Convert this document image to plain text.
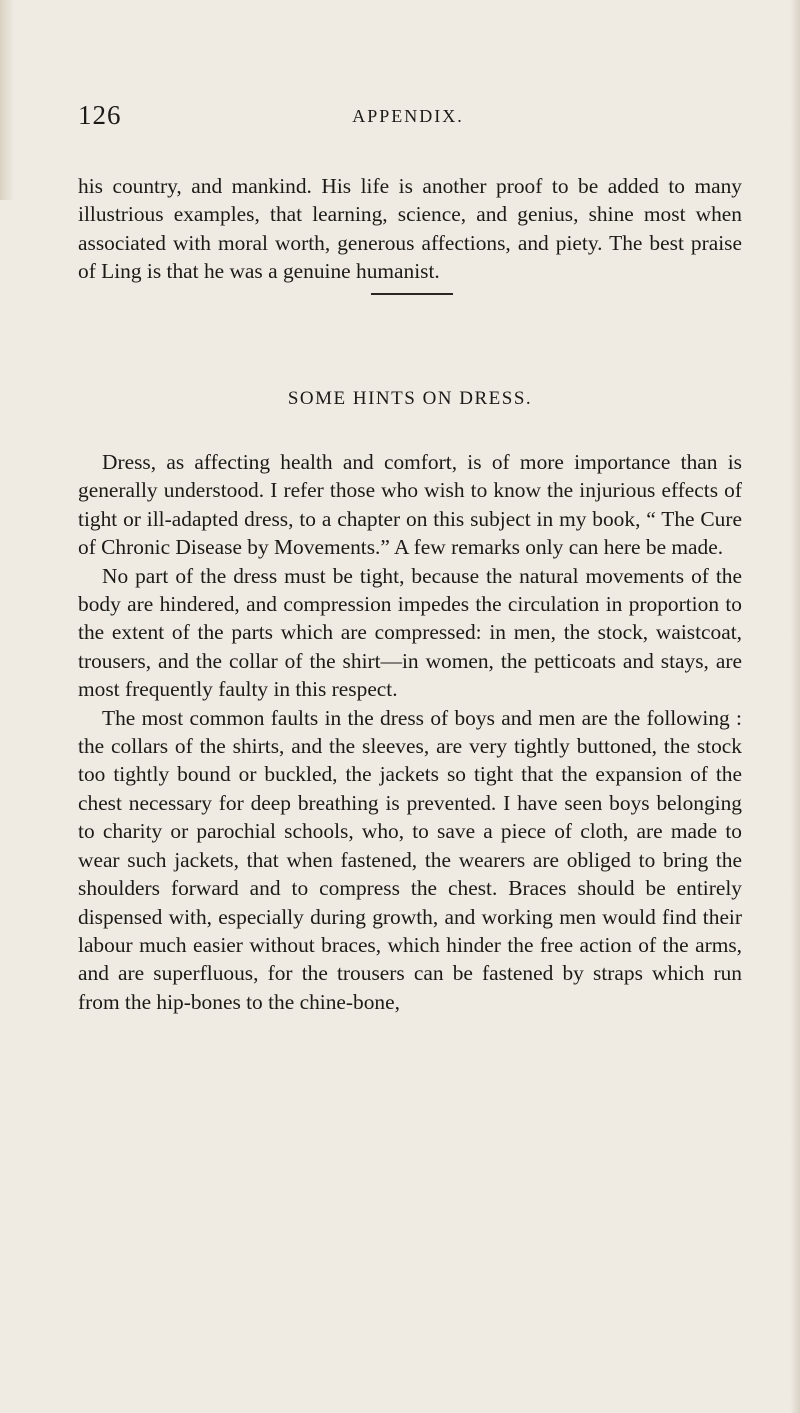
126	APPENDIX.

his country, and mankind. His life is another proof to be added to many illustrious examples, that learning, science, and genius, shine most when associated with moral worth, generous affections, and piety. The best praise of Ling is that he was a genuine humanist.

SOME HINTS ON DRESS.

Dress, as affecting health and comfort, is of more importance than is generally understood. I refer those who wish to know the injurious effects of tight or ill-adapted dress, to a chapter on this subject in my book, “ The Cure of Chronic Disease by Movements.” A few remarks only can here be made.

No part of the dress must be tight, because the natural movements of the body are hindered, and compression impedes the circulation in proportion to the extent of the parts which are compressed: in men, the stock, waistcoat, trousers, and the collar of the shirt—in women, the petticoats and stays, are most frequently faulty in this respect.

The most common faults in the dress of boys and men are the following : the collars of the shirts, and the sleeves, are very tightly buttoned, the stock too tightly bound or buckled, the jackets so tight that the expansion of the chest necessary for deep breathing is prevented. I have seen boys belonging to charity or parochial schools, who, to save a piece of cloth, are made to wear such jackets, that when fastened, the wearers are obliged to bring the shoulders forward and to compress the chest. Braces should be entirely dispensed with, especially during growth, and working men would find their labour much easier without braces, which hinder the free action of the arms, and are superfluous, for the trousers can be fastened by straps which run from the hip-bones to the chine-bone,
